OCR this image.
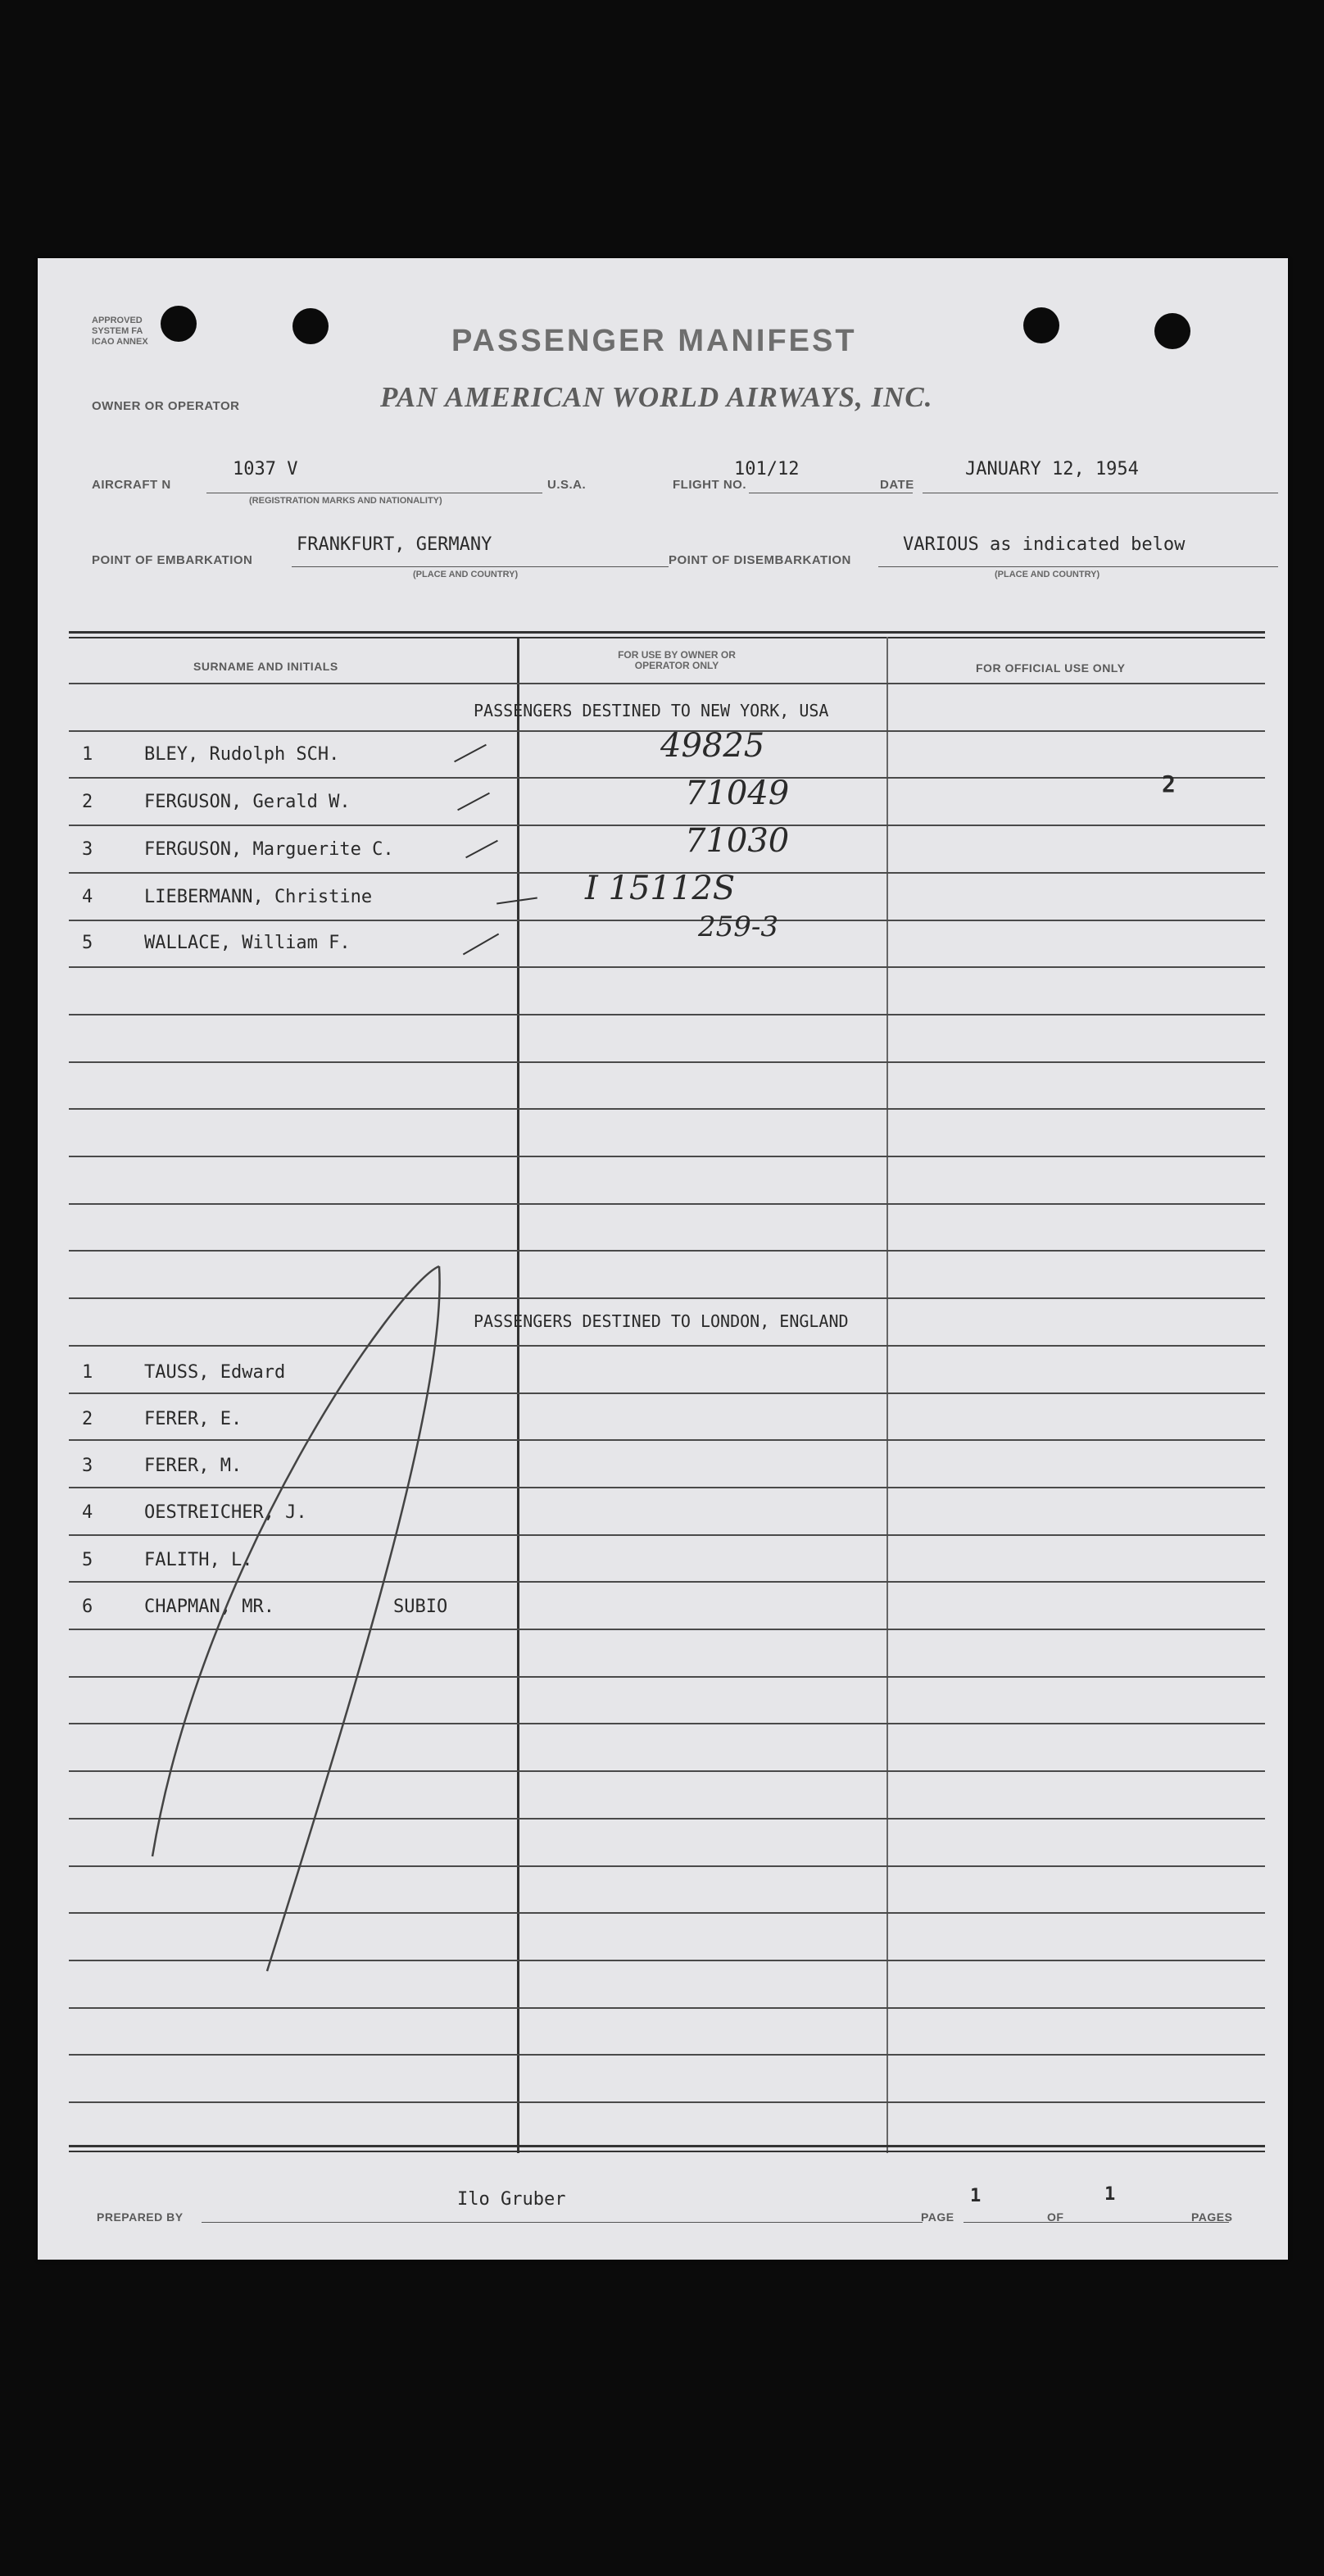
APPROVED
SYSTEM FA
ICAO ANNEX	PASSENGER MANIFEST
OWNER OR OPERATOR	PAN AMERICAN WORLD AIRWAYS, INC.
AIRCRAFT N
1037 V
(REGISTRATION MARKS AND NATIONALITY)
U.S.A.	FLIGHT NO.
101/12
DATE
JANUARY 12, 1954
POINT OF EMBARKATION
FRANKFURT, GERMANY
(PLACE AND COUNTRY)
POINT OF DISEMBARKATION
VARIOUS as indicated below
(PLACE AND COUNTRY)
SURNAME AND INITIALS
FOR USE BY OWNER OR OPERATOR ONLY	FOR OFFICIAL USE ONLY
PASSENGERS DESTINED TO NEW YORK, USA
PASSENGERS DESTINED TO LONDON, ENGLAND
1	BLEY, Rudolph SCH.	49825
2	FERGUSON, Gerald W.	71049
3	FERGUSON, Marguerite C.	71030
4	LIEBERMANN, Christine	I 15112S
5	WALLACE, William F.	259-3
2
1	TAUSS, Edward
2	FERER, E.
3	FERER, M.
4	OESTREICHER, J.
5	FALITH, L.
6	CHAPMAN, MR.	SUBIO
PREPARED BY
Ilo Gruber
PAGE
1
OF
1
PAGES
